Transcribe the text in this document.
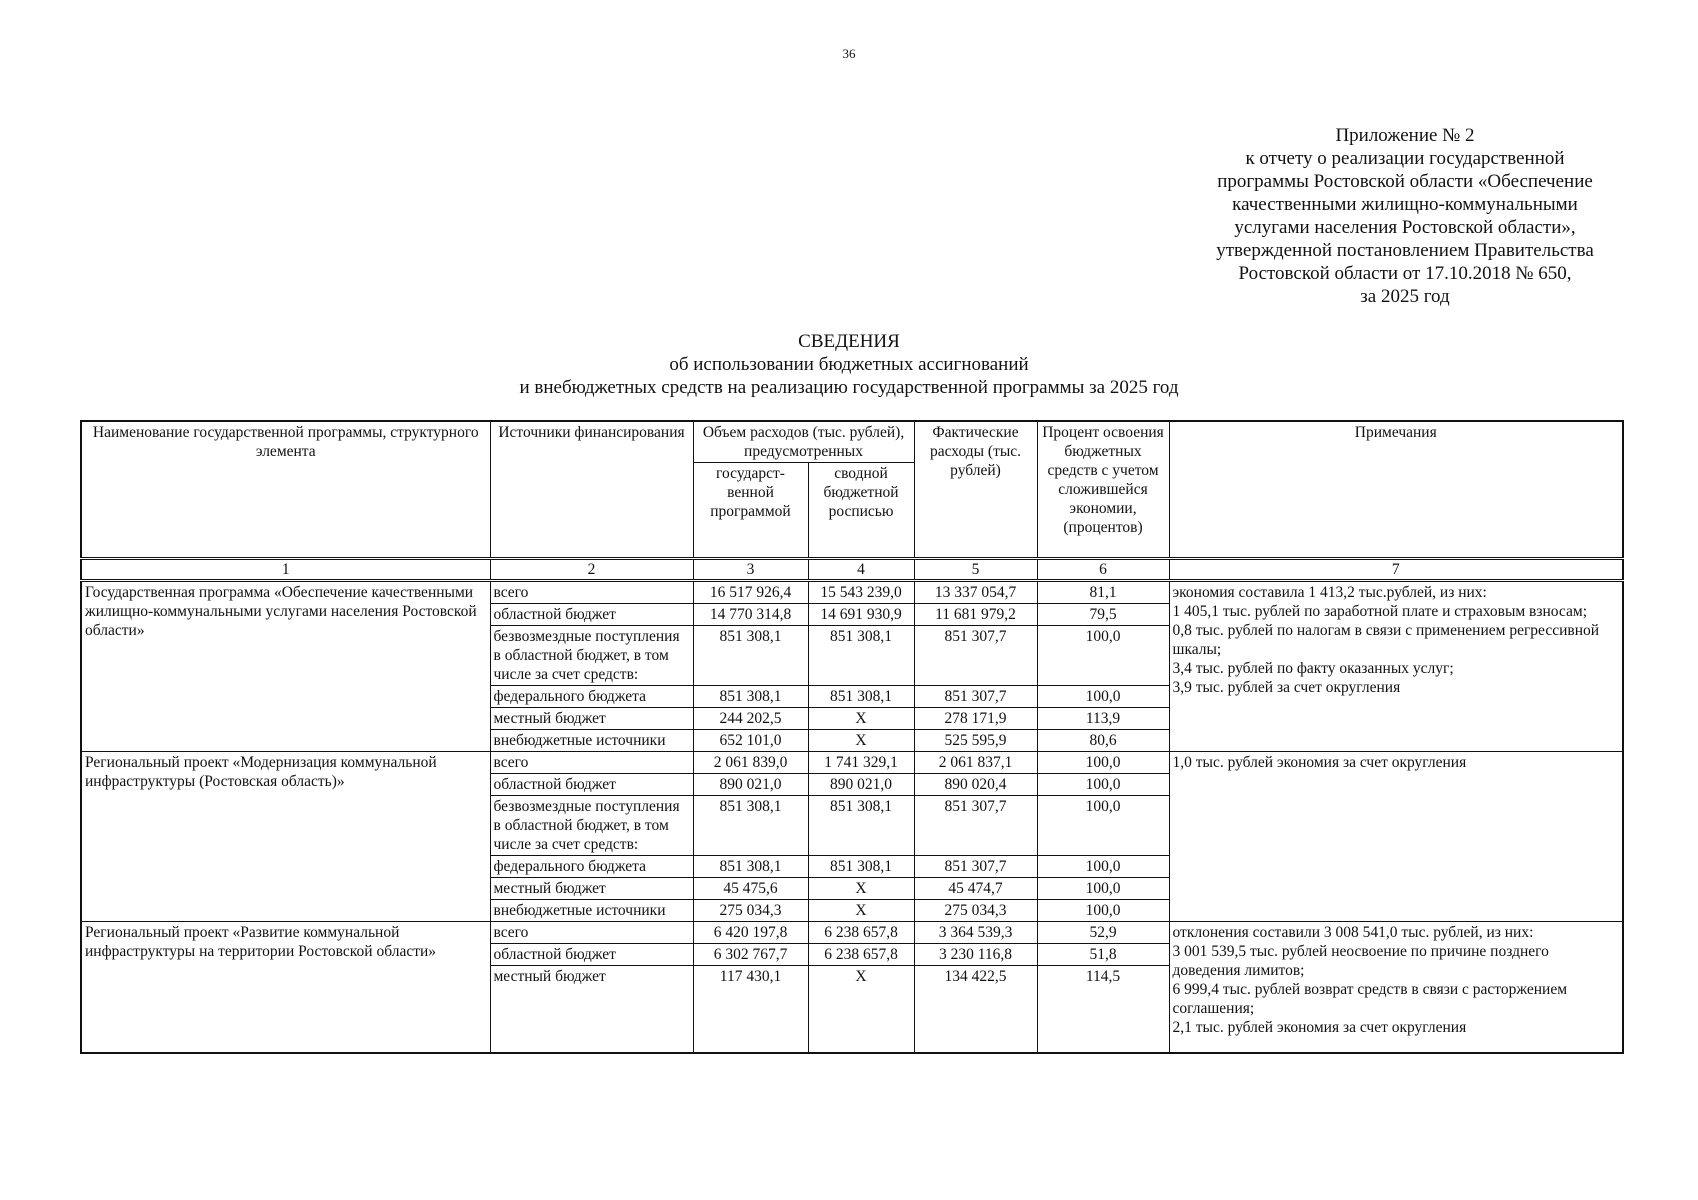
36
Приложение № 2
к отчету о реализации государственной
программы Ростовской области «Обеспечение
качественными жилищно-коммунальными
услугами населения Ростовской области»,
утвержденной постановлением Правительства
Ростовской области от 17.10.2018 № 650,
за 2025 год
СВЕДЕНИЯ
об использовании бюджетных ассигнований
и внебюджетных средств на реализацию государственной программы за 2025 год
Наименование государственной программы, структурного элемента	Источники финансирования	Объем расходов (тыс. рублей), предусмотренных		Фактические расходы (тыс. рублей)	Процент освоения бюджетных средств с учетом сложившейся экономии, (процентов)	Примечания
		государст- венной программой	сводной бюджетной росписью			
1	2	3	4	5	6	7
Государственная программа «Обеспечение качественными жилищно-коммунальными услугами населения Ростовской области»	всего	16 517 926,4	15 543 239,0	13 337 054,7	81,1	экономия составила 1 413,2 тыс.рублей, из них:
1 405,1 тыс. рублей по заработной плате и страховым взносам;
0,8 тыс. рублей по налогам в связи с применением регрессивной шкалы;
3,4 тыс. рублей по факту оказанных услуг;
3,9 тыс. рублей за счет округления
	областной бюджет	14 770 314,8	14 691 930,9	11 681 979,2	79,5	
	безвозмездные поступления в областной бюджет, в том числе за счет средств:	851 308,1	851 308,1	851 307,7	100,0	
	федерального бюджета	851 308,1	851 308,1	851 307,7	100,0	
	местный бюджет	244 202,5	Х	278 171,9	113,9	
	внебюджетные источники	652 101,0	Х	525 595,9	80,6	
Региональный проект «Модернизация коммунальной инфраструктуры (Ростовская область)»	всего	2 061 839,0	1 741 329,1	2 061 837,1	100,0	1,0 тыс. рублей экономия за счет округления
	областной бюджет	890 021,0	890 021,0	890 020,4	100,0	
	безвозмездные поступления в областной бюджет, в том числе за счет средств:	851 308,1	851 308,1	851 307,7	100,0	
	федерального бюджета	851 308,1	851 308,1	851 307,7	100,0	
	местный бюджет	45 475,6	Х	45 474,7	100,0	
	внебюджетные источники	275 034,3	Х	275 034,3	100,0	
Региональный проект «Развитие коммунальной инфраструктуры на территории Ростовской области»	всего	6 420 197,8	6 238 657,8	3 364 539,3	52,9	отклонения составили 3 008 541,0 тыс. рублей, из них:
3 001 539,5 тыс. рублей неосвоение по причине позднего доведения лимитов;
6 999,4 тыс. рублей возврат средств в связи с расторжением соглашения;
2,1 тыс. рублей экономия за счет округления
	областной бюджет	6 302 767,7	6 238 657,8	3 230 116,8	51,8	
	местный бюджет	117 430,1	Х	134 422,5	114,5	
